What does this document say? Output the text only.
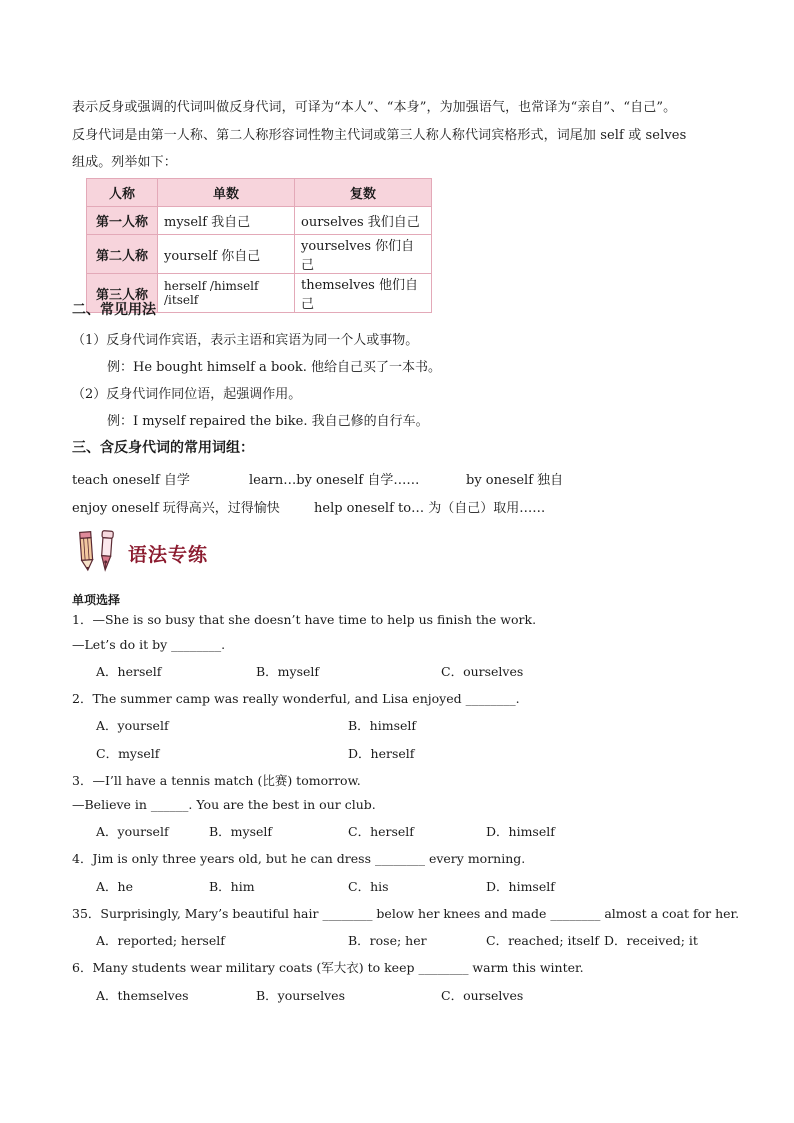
表示反身或强调的代词叫做反身代词，可译为“本人”、“本身”，为加强语气，也常译为“亲自”、“自己”。
反身代词是由第一人称、第二人称形容词性物主代词或第三人称人称代词宾格形式，词尾加 self 或 selves
组成。列举如下：
人称	单数	复数
第一人称	myself 我自己	ourselves 我们自己
第二人称	yourself 你自己	yourselves 你们自己
第三人称	herself /himself /itself	themselves 他们自己
二、常见用法
（1）反身代词作宾语，表示主语和宾语为同一个人或事物。
例：He bought himself a book. 他给自己买了一本书。
（2）反身代词作同位语，起强调作用。
例：I myself repaired the bike. 我自己修的自行车。
三、含反身代词的常用词组：
teach oneself 自学	learn…by oneself 自学……	by oneself 独自
enjoy oneself 玩得高兴，过得愉快	help oneself to… 为（自己）取用……
语法专练
单项选择
1．—She is so busy that she doesn’t have time to help us finish the work.
—Let’s do it by ________.
A．herself	B．myself	C．ourselves
2．The summer camp was really wonderful, and Lisa enjoyed ________.
A．yourself	B．himself
C．myself	D．herself
3．—I’ll have a tennis match (比赛) tomorrow.
—Believe in ______. You are the best in our club.
A．yourself	B．myself	C．herself	D．himself
4．Jim is only three years old, but he can dress ________ every morning.
A．he	B．him	C．his	D．himself
35．Surprisingly, Mary’s beautiful hair ________ below her knees and made ________ almost a coat for her.
A．reported; herself	B．rose; her	C．reached; itself D．received; it
6．Many students wear military coats (军大衣) to keep ________ warm this winter.
A．themselves	B．yourselves	C．ourselves
